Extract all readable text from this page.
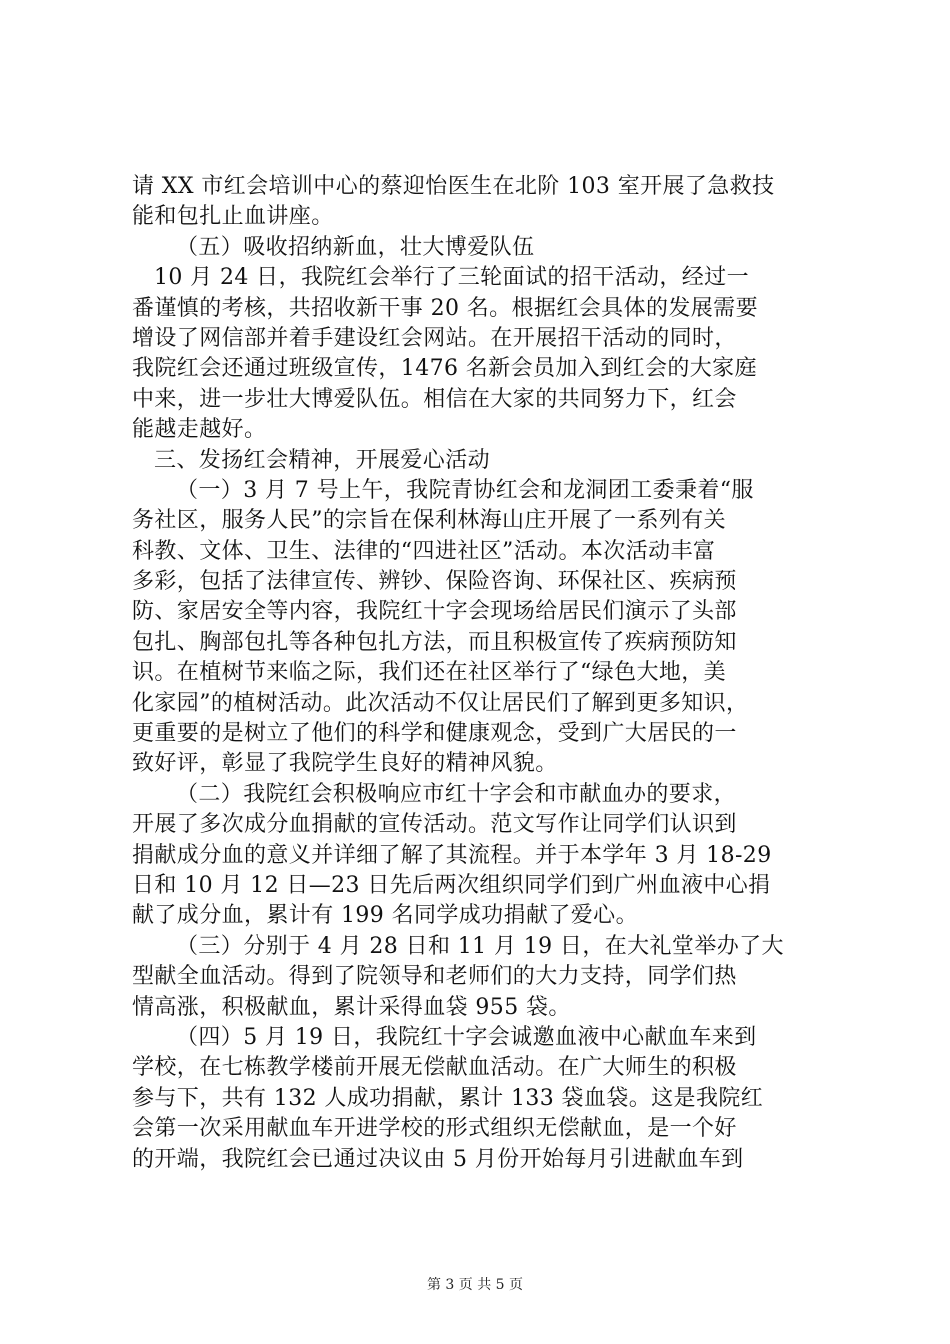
请 XX 市红会培训中心的蔡迎怡医生在北阶 103 室开展了急救技
能和包扎止血讲座。
（五）吸收招纳新血，壮大博爱队伍
10 月 24 日，我院红会举行了三轮面试的招干活动，经过一
番谨慎的考核，共招收新干事 20 名。根据红会具体的发展需要
增设了网信部并着手建设红会网站。在开展招干活动的同时，
我院红会还通过班级宣传，1476 名新会员加入到红会的大家庭
中来，进一步壮大博爱队伍。相信在大家的共同努力下，红会
能越走越好。
三、发扬红会精神，开展爱心活动
（一）3 月 7 号上午，我院青协红会和龙洞团工委秉着“服
务社区，服务人民”的宗旨在保利林海山庄开展了一系列有关
科教、文体、卫生、法律的“四进社区”活动。本次活动丰富
多彩，包括了法律宣传、辨钞、保险咨询、环保社区、疾病预
防、家居安全等内容，我院红十字会现场给居民们演示了头部
包扎、胸部包扎等各种包扎方法，而且积极宣传了疾病预防知
识。在植树节来临之际，我们还在社区举行了“绿色大地，美
化家园”的植树活动。此次活动不仅让居民们了解到更多知识，
更重要的是树立了他们的科学和健康观念，受到广大居民的一
致好评，彰显了我院学生良好的精神风貌。
（二）我院红会积极响应市红十字会和市献血办的要求，
开展了多次成分血捐献的宣传活动。范文写作让同学们认识到
捐献成分血的意义并详细了解了其流程。并于本学年 3 月 18-29
日和 10 月 12 日—23 日先后两次组织同学们到广州血液中心捐
献了成分血，累计有 199 名同学成功捐献了爱心。
（三）分别于 4 月 28 日和 11 月 19 日，在大礼堂举办了大
型献全血活动。得到了院领导和老师们的大力支持，同学们热
情高涨，积极献血，累计采得血袋 955 袋。
（四）5 月 19 日，我院红十字会诚邀血液中心献血车来到
学校，在七栋教学楼前开展无偿献血活动。在广大师生的积极
参与下，共有 132 人成功捐献，累计 133 袋血袋。这是我院红
会第一次采用献血车开进学校的形式组织无偿献血，是一个好
的开端，我院红会已通过决议由 5 月份开始每月引进献血车到
第 3 页 共 5 页
